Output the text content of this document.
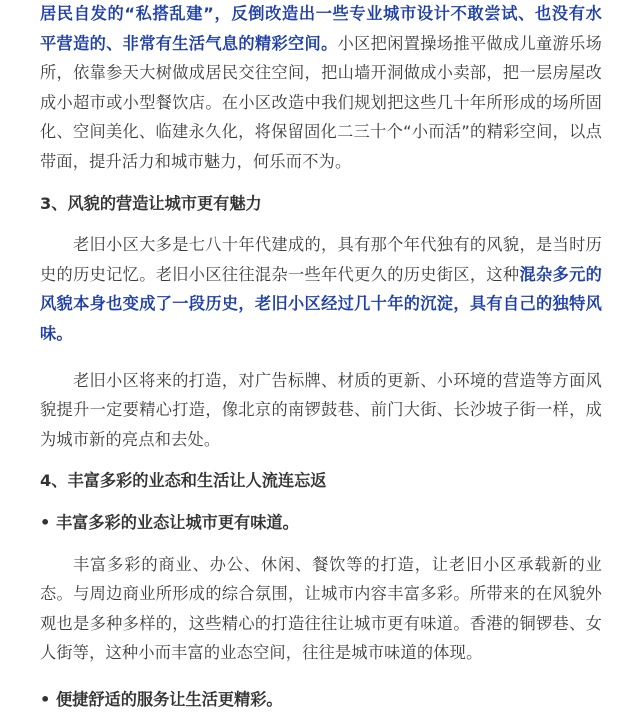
居民自发的“私搭乱建”，反倒改造出一些专业城市设计不敢尝试、也没有水平营造的、非常有生活气息的精彩空间。小区把闲置操场推平做成儿童游乐场所，依靠参天大树做成居民交往空间，把山墙开洞做成小卖部，把一层房屋改成小超市或小型餐饮店。在小区改造中我们规划把这些几十年所形成的场所固化、空间美化、临建永久化，将保留固化二三十个“小而活”的精彩空间，以点带面，提升活力和城市魅力，何乐而不为。

3、风貌的营造让城市更有魅力

老旧小区大多是七八十年代建成的，具有那个年代独有的风貌，是当时历史的历史记忆。老旧小区往往混杂一些年代更久的历史街区，这种混杂多元的风貌本身也变成了一段历史，老旧小区经过几十年的沉淀，具有自己的独特风味。

老旧小区将来的打造，对广告标牌、材质的更新、小环境的营造等方面风貌提升一定要精心打造，像北京的南锣鼓巷、前门大街、长沙坡子街一样，成为城市新的亮点和去处。

4、丰富多彩的业态和生活让人流连忘返

• 丰富多彩的业态让城市更有味道。

丰富多彩的商业、办公、休闲、餐饮等的打造，让老旧小区承载新的业态。与周边商业所形成的综合氛围，让城市内容丰富多彩。所带来的在风貌外观也是多种多样的，这些精心的打造往往让城市更有味道。香港的铜锣巷、女人街等，这种小而丰富的业态空间，往往是城市味道的体现。

• 便捷舒适的服务让生活更精彩。
